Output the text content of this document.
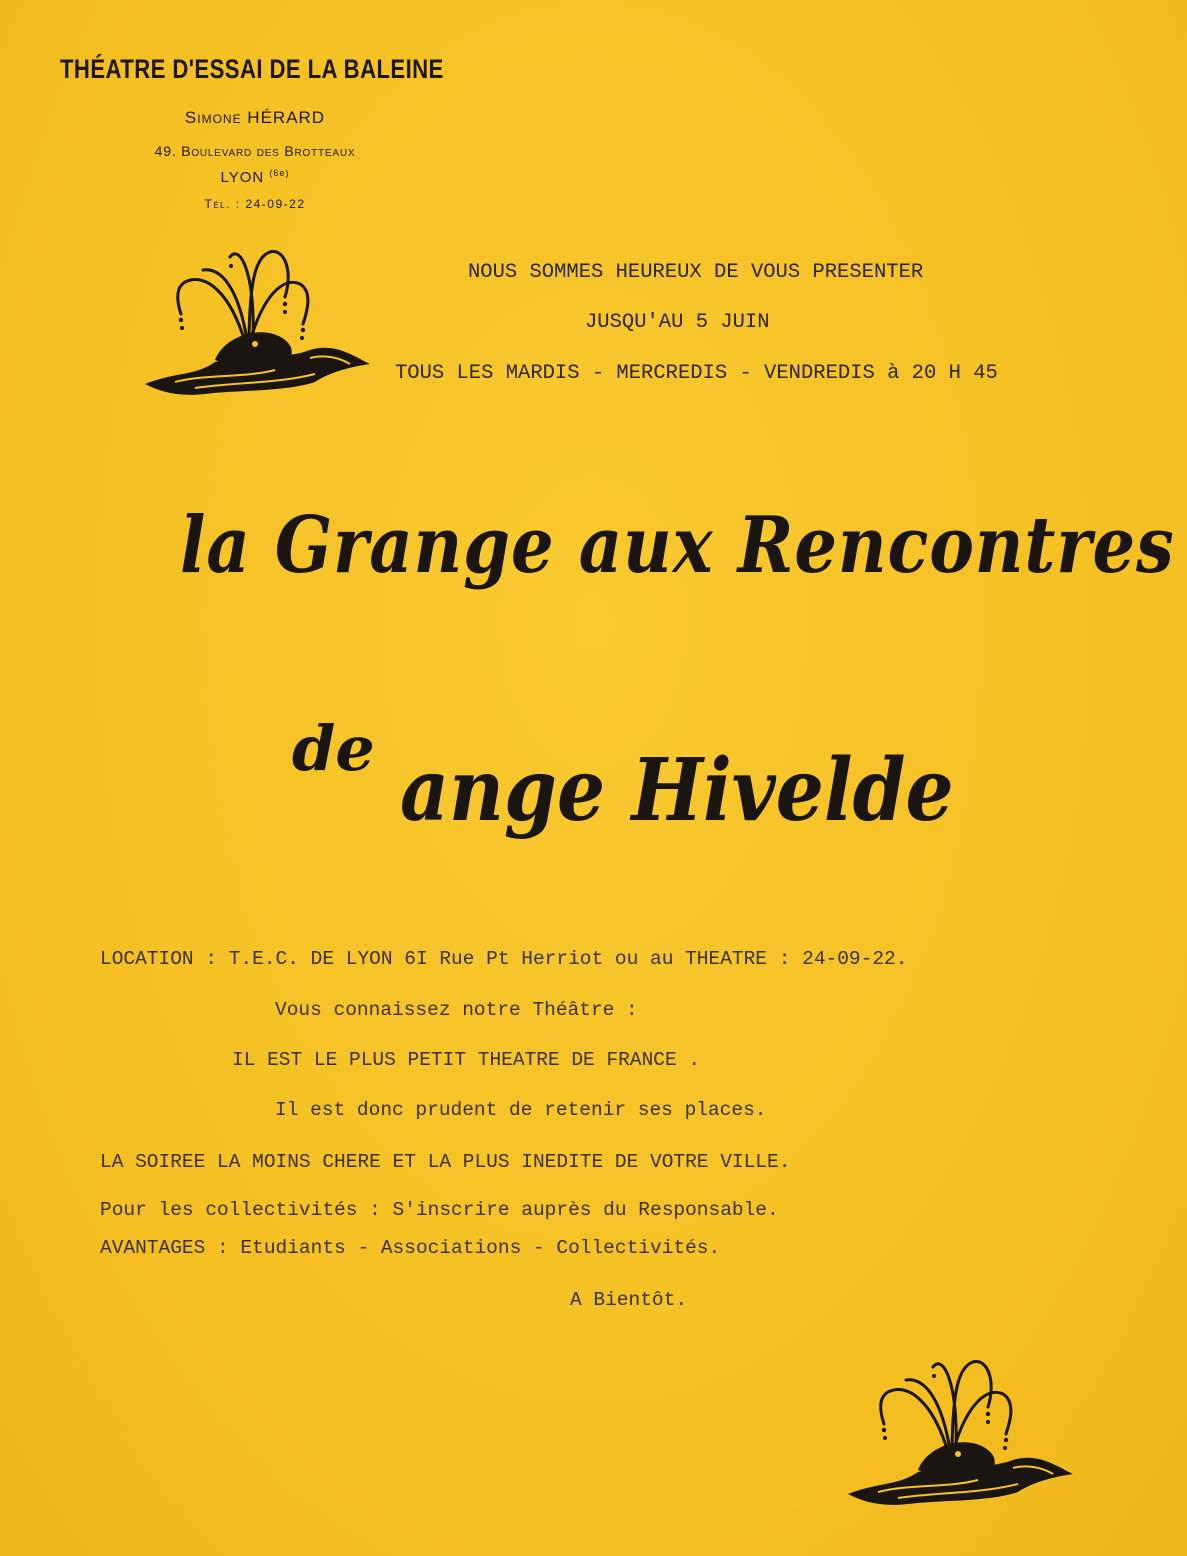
THÉATRE D'ESSAI DE LA BALEINE
Simone HÉRARD
49. Boulevard des Brotteaux
LYON $^{(6e)}$
Tél. : 24-09-22
NOUS SOMMES HEUREUX DE VOUS PRESENTER
JUSQU'AU 5 JUIN
TOUS LES MARDIS - MERCREDIS - VENDREDIS à 20 H 45
la Grange aux Rencontres
de ange Hivelde
LOCATION : T.E.C. DE LYON 6I Rue Pt Herriot ou au THEATRE : 24-09-22.
Vous connaissez notre Théâtre :
IL EST LE PLUS PETIT THEATRE DE FRANCE .
Il est donc prudent de retenir ses places.
LA SOIREE LA MOINS CHERE ET LA PLUS INEDITE DE VOTRE VILLE.
Pour les collectivités : S'inscrire auprès du Responsable.
AVANTAGES : Etudiants - Associations - Collectivités.
A Bientôt.
